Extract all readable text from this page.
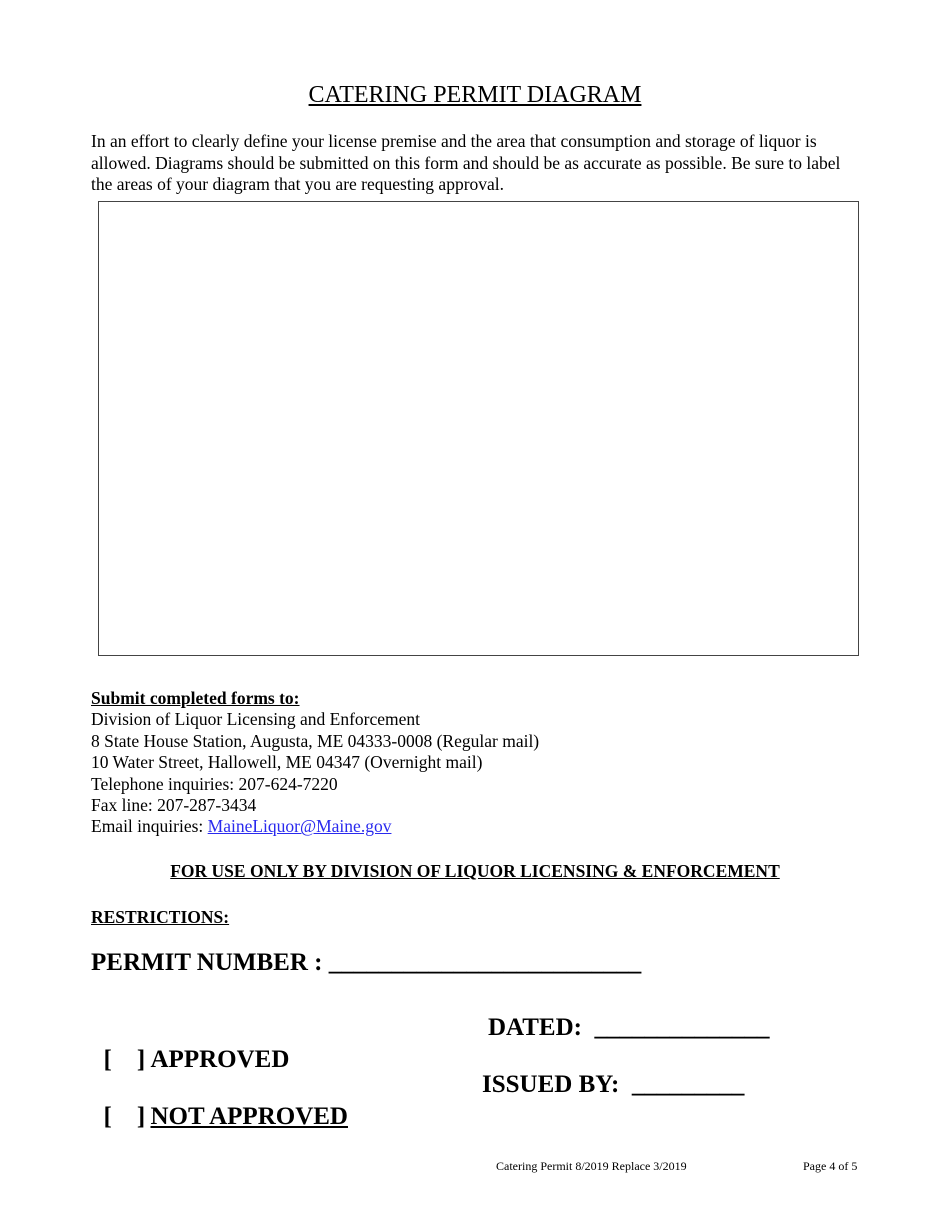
CATERING PERMIT DIAGRAM
In an effort to clearly define your license premise and the area that consumption and storage of liquor is allowed. Diagrams should be submitted on this form and should be as accurate as possible. Be sure to label the areas of your diagram that you are requesting approval.
Submit completed forms to:
Division of Liquor Licensing and Enforcement
8 State House Station, Augusta, ME 04333-0008 (Regular mail)
10 Water Street, Hallowell, ME 04347 (Overnight mail)
Telephone inquiries: 207-624-7220
Fax line: 207-287-3434
Email inquiries: MaineLiquor@Maine.gov
FOR USE ONLY BY DIVISION OF LIQUOR LICENSING & ENFORCEMENT
RESTRICTIONS:
PERMIT NUMBER : _________________________

[ ] APPROVED

[ ] NOT APPROVED

DATED:  ______________
ISSUED BY:  _________
Catering Permit 8/2019 Replace 3/2019	Page 4 of 5
